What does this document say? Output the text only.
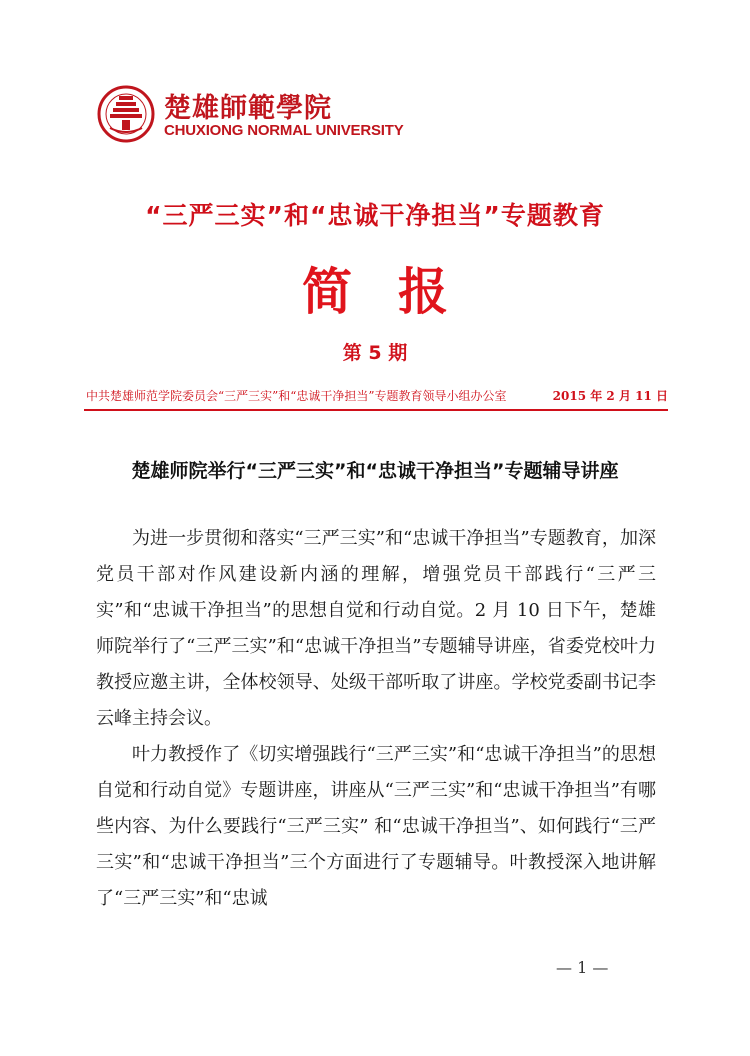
楚雄師範學院
CHUXIONG NORMAL UNIVERSITY
“三严三实”和“忠诚干净担当”专题教育
简报
第 5 期
中共楚雄师范学院委员会“三严三实”和“忠诚干净担当”专题教育领导小组办公室	2015 年 2 月 11 日
楚雄师院举行“三严三实”和“忠诚干净担当”专题辅导讲座

为进一步贯彻和落实“三严三实”和“忠诚干净担当”专题教育，加深党员干部对作风建设新内涵的理解，增强党员干部践行“三严三实”和“忠诚干净担当”的思想自觉和行动自觉。2 月 10 日下午，楚雄师院举行了“三严三实”和“忠诚干净担当”专题辅导讲座，省委党校叶力教授应邀主讲，全体校领导、处级干部听取了讲座。学校党委副书记李云峰主持会议。

叶力教授作了《切实增强践行“三严三实”和“忠诚干净担当”的思想自觉和行动自觉》专题讲座，讲座从“三严三实”和“忠诚干净担当”有哪些内容、为什么要践行“三严三实” 和“忠诚干净担当”、如何践行“三严三实”和“忠诚干净担当”三个方面进行了专题辅导。叶教授深入地讲解了“三严三实”和“忠诚

— 1 —
